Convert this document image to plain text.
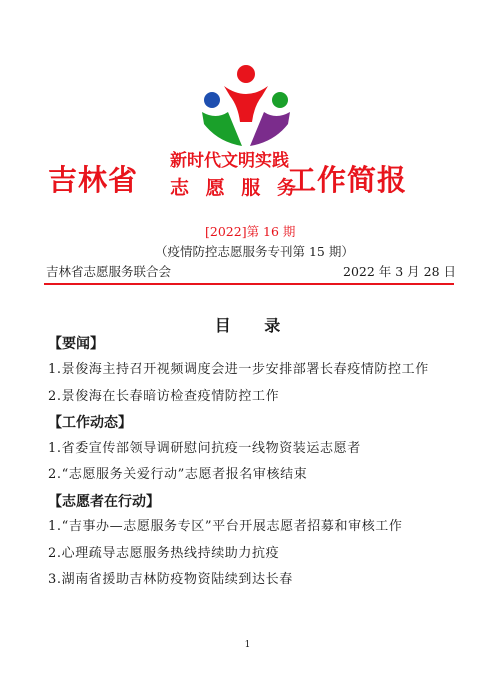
吉林省
新时代文明实践
志 愿 服 务
工作简报
[2022]第 16 期
（疫情防控志愿服务专刊第 15 期）
吉林省志愿服务联合会	2022 年 3 月 28 日
目 录
【要闻】
1.景俊海主持召开视频调度会进一步安排部署长春疫情防控工作
2.景俊海在长春暗访检查疫情防控工作
【工作动态】
1.省委宣传部领导调研慰问抗疫一线物资装运志愿者
2.“志愿服务关爱行动”志愿者报名审核结束
【志愿者在行动】
1.“吉事办—志愿服务专区”平台开展志愿者招募和审核工作
2.心理疏导志愿服务热线持续助力抗疫
3.湖南省援助吉林防疫物资陆续到达长春
1
